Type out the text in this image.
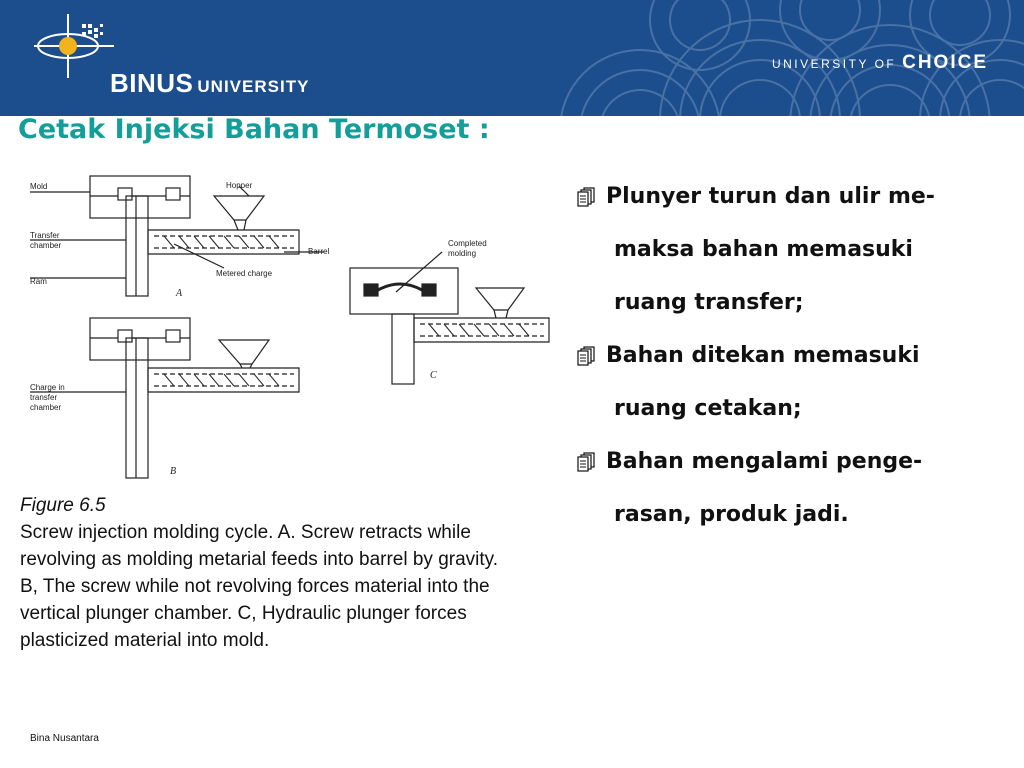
BINUS UNIVERSITY
UNIVERSITY OF CHOICE
Cetak Injeksi Bahan Termoset :
Mold	Hopper
Transfer
chamber
Barrel
Ram
Metered charge
A
Completed
molding
Charge in
transfer
chamber
B
C
Figure 6.5
Screw injection molding cycle. A. Screw retracts while
revolving as molding metarial feeds into barrel by gravity.
B, The screw while not revolving forces material into the
vertical plunger chamber. C, Hydraulic plunger forces
plasticized material into mold.
Plunyer turun dan ulir me-
maksa bahan memasuki
ruang transfer;
Bahan ditekan memasuki
ruang cetakan;
Bahan mengalami penge-
rasan, produk jadi.
Bina Nusantara
